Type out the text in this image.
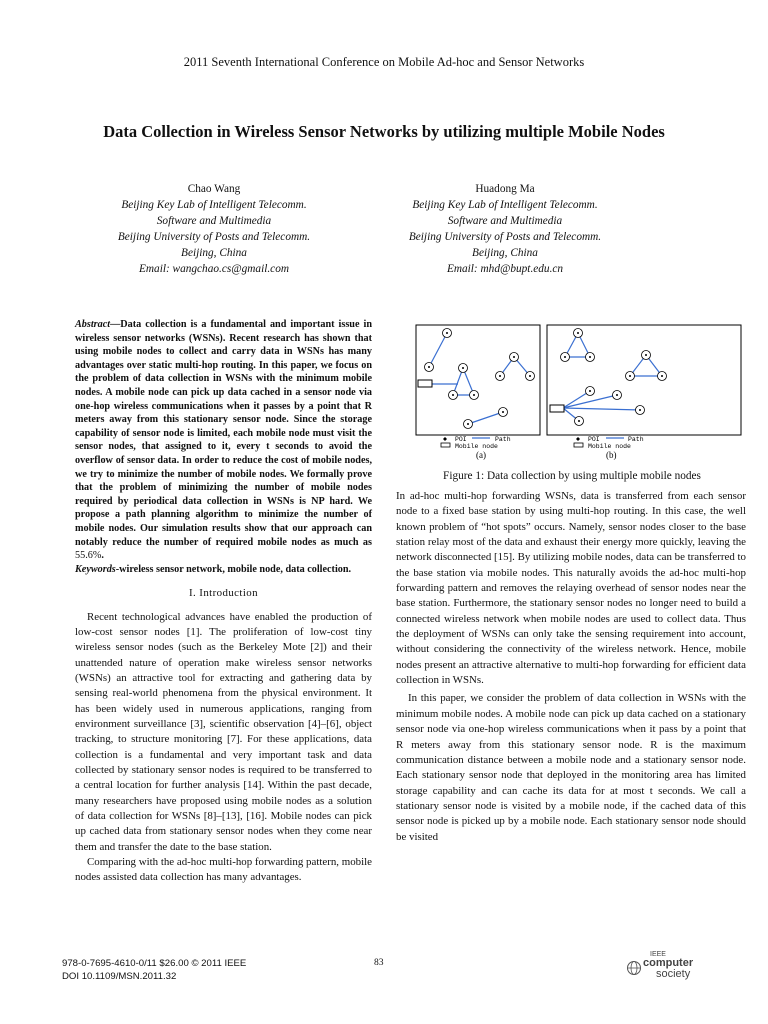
2011 Seventh International Conference on Mobile Ad-hoc and Sensor Networks
Data Collection in Wireless Sensor Networks by utilizing multiple Mobile Nodes
Chao Wang
Beijing Key Lab of Intelligent Telecomm.
Software and Multimedia
Beijing University of Posts and Telecomm.
Beijing, China
Email: wangchao.cs@gmail.com
Huadong Ma
Beijing Key Lab of Intelligent Telecomm.
Software and Multimedia
Beijing University of Posts and Telecomm.
Beijing, China
Email: mhd@bupt.edu.cn

Abstract—Data collection is a fundamental and important issue in wireless sensor networks (WSNs). Recent research has shown that using mobile nodes to collect and carry data in WSNs has many advantages over static multi-hop routing. In this paper, we focus on the problem of data collection in WSNs with the minimum mobile nodes. A mobile node can pick up data cached in a sensor node via one-hop wireless communications when it passes by a point that R meters away from this stationary sensor node. Since the storage capability of sensor node is limited, each mobile node must visit the sensor nodes, that assigned to it, every t seconds to avoid the overflow of sensor data. In order to reduce the cost of mobile nodes, we try to minimize the number of mobile nodes. We formally prove that the problem of minimizing the number of mobile nodes required by periodical data collection in WSNs is NP hard. We propose a path planning algorithm to minimize the number of mobile nodes. Our simulation results show that our approach can notably reduce the number of required mobile nodes as much as 55.6%.

Keywords-wireless sensor network, mobile node, data collection.

I. Introduction

Recent technological advances have enabled the production of low-cost sensor nodes [1]. The proliferation of low-cost tiny wireless sensor nodes (such as the Berkeley Mote [2]) and their unattended nature of operation make wireless sensor networks (WSNs) an attractive tool for extracting and gathering data by sensing real-world phenomena from the physical environment. It has been widely used in numerous applications, ranging from environment surveillance [3], scientific observation [4]–[6], object tracking, to structure monitoring [7]. For these applications, data collection is a fundamental and very important task and data collected by stationary sensor nodes is required to be transferred to a central location for further analysis [14]. Within the past decade, many researchers have proposed using mobile nodes as a solution of data collection for WSNs [8]–[13], [16]. Mobile nodes can pick up cached data from stationary sensor nodes when they come near them and transfer the date to the base station.

Comparing with the ad-hoc multi-hop forwarding pattern, mobile nodes assisted data collection has many advantages.

POI	Path
Mobile node
(a)
POI	Path
Mobile node
(b)
Figure 1: Data collection by using multiple mobile nodes

In ad-hoc multi-hop forwarding WSNs, data is transferred from each sensor node to a fixed base station by using multi-hop routing. In this case, the well known problem of “hot spots” occurs. Namely, sensor nodes closer to the base station relay most of the data and exhaust their energy more quickly, leaving the network disconnected [15]. By utilizing mobile nodes, data can be transferred to the base station via mobile nodes. This naturally avoids the ad-hoc multi-hop forwarding pattern and removes the relaying overhead of sensor nodes near the base station. Furthermore, the stationary sensor nodes no longer need to build a connected wireless network when mobile nodes are used to collect data. Thus the deployment of WSNs can only take the sensing requirement into account, without considering the connectivity of the wireless network. Hence, mobile nodes present an attractive alternative to multi-hop forwarding for efficient data collection in WSNs.

In this paper, we consider the problem of data collection in WSNs with the minimum mobile nodes. A mobile node can pick up data cached on a stationary sensor node via one-hop wireless communications when it pass by a point that R meters away from this stationary sensor node. R is the maximum communication distance between a mobile node and a stationary sensor node. Each stationary sensor node that deployed in the monitoring area has limited storage capability and can cache its data for at most t seconds. We call a stationary sensor node is visited by a mobile node, if the cached data of this sensor node is picked up by a mobile node. Each stationary sensor node should be visited

978-0-7695-4610-0/11 $26.00 © 2011 IEEE
DOI 10.1109/MSN.2011.32
83
IEEE
computer
society
